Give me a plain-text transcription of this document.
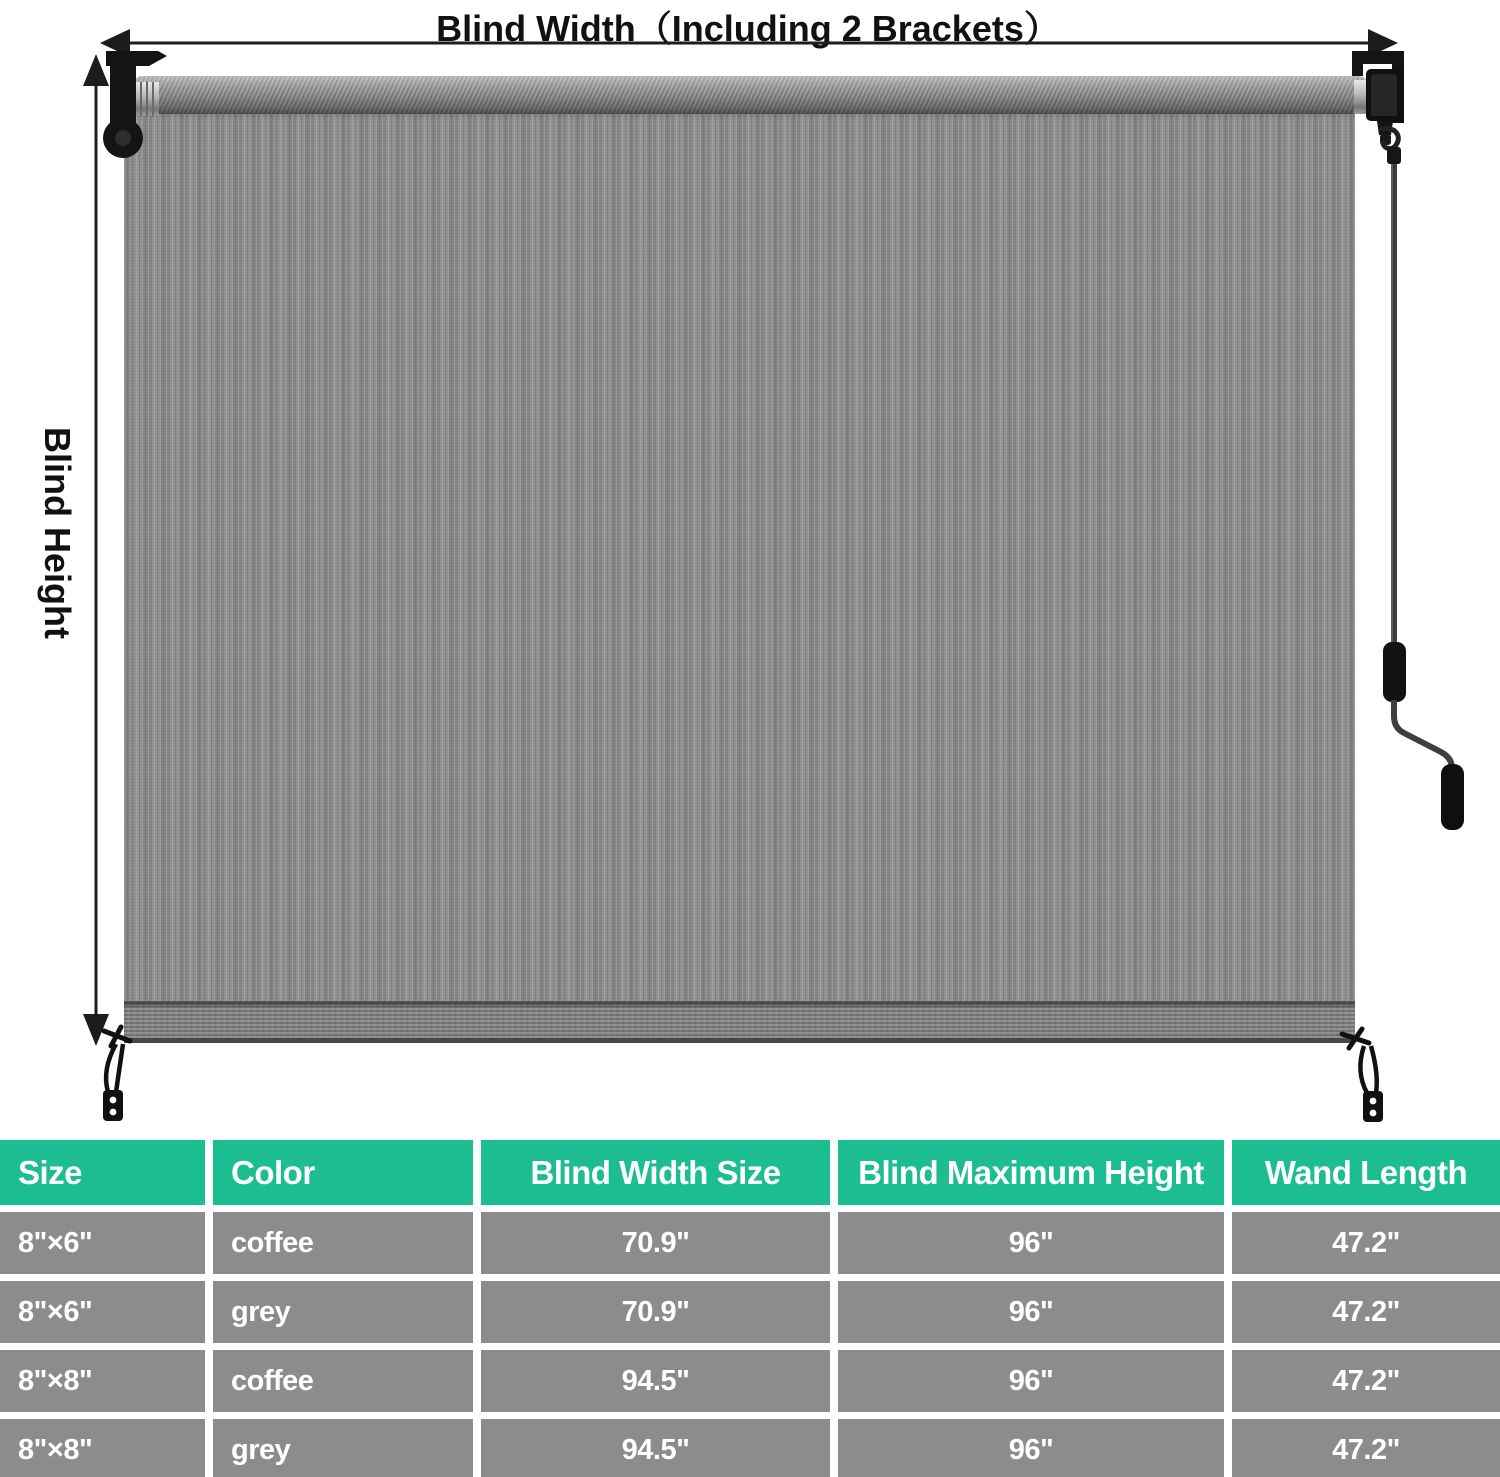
Blind Width（Including 2 Brackets）
Blind Height
Size	Color	Blind Width Size	Blind Maximum Height	Wand Length
8"×6"	coffee	70.9"	96"	47.2"
8"×6"	grey	70.9"	96"	47.2"
8"×8"	coffee	94.5"	96"	47.2"
8"×8"	grey	94.5"	96"	47.2"
